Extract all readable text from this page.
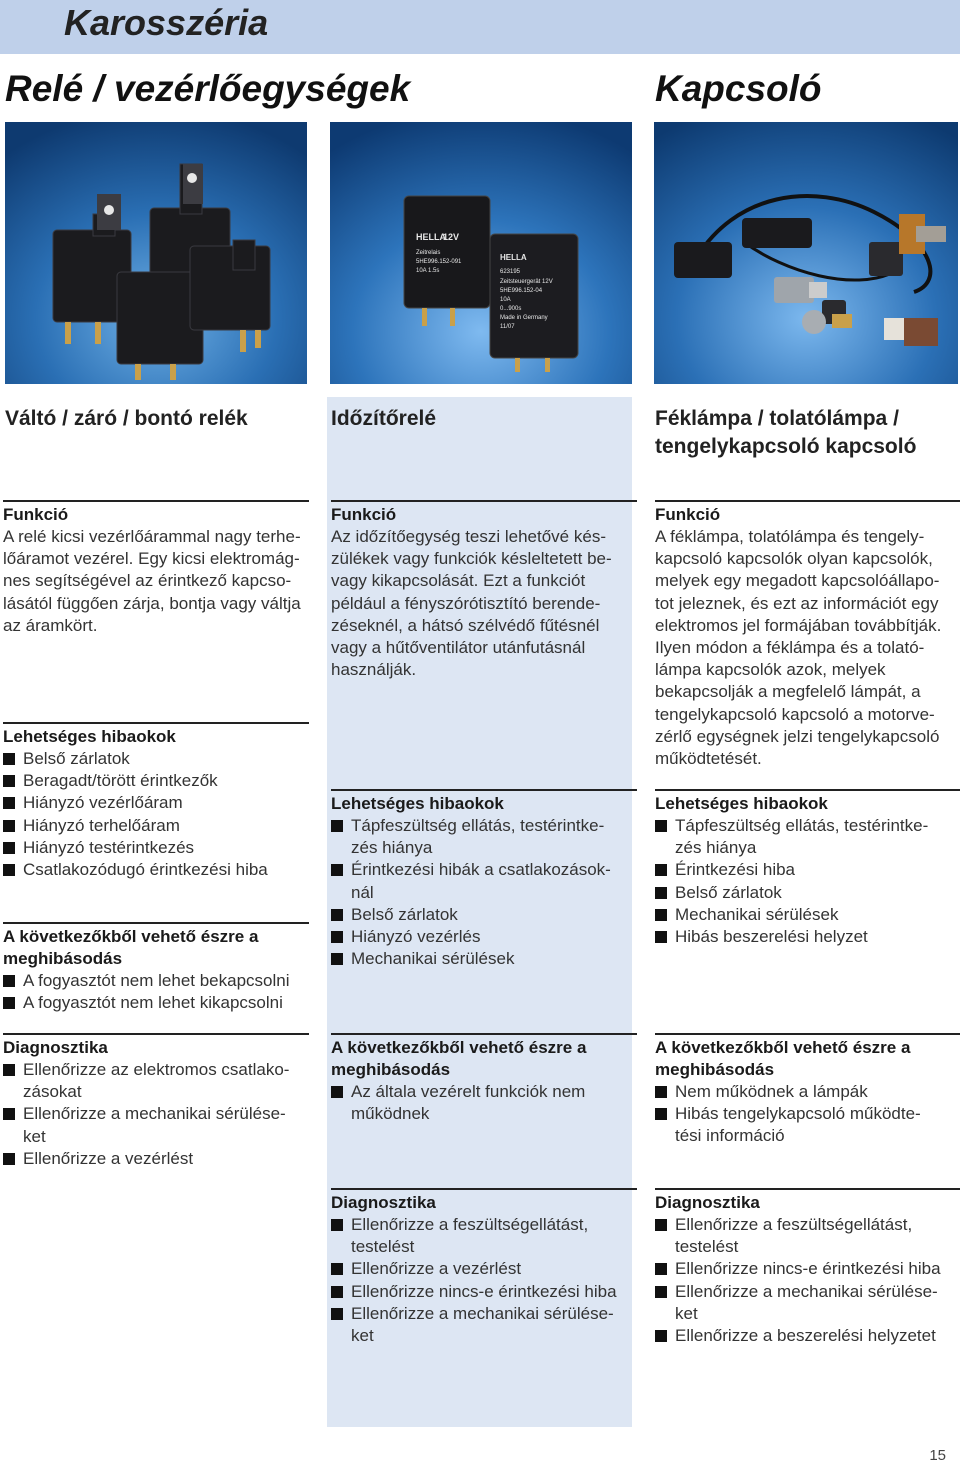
Karosszéria
Relé / vezérlőegységek	Kapcsoló
HELLA
12V
Zeitrelais
5HE996.152-091
10A 1.5s
HELLA
623195
Zeitsteuergerät 12V
5HE996.152-04
10A
0...900s
Made in Germany
11/07
Váltó / záró / bontó relék	Időzítőrelé	Féklámpa / tolatólámpa /
tengelykapcsoló kapcsoló
Funkció

A relé kicsi vezérlőárammal nagy terhe-
lőáramot vezérel. Egy kicsi elektromág-
nes segítségével az érintkező kapcso-
lásától függően zárja, bontja vagy váltja
az áramkört.

Lehetséges hibaokok
Belső zárlatok
Beragadt/törött érintkezők
Hiányzó vezérlőáram
Hiányzó terhelőáram
Hiányzó testérintkezés
Csatlakozódugó érintkezési hiba
A következőkből vehető észre a
meghibásodás
A fogyasztót nem lehet bekapcsolni
A fogyasztót nem lehet kikapcsolni
Diagnosztika
Ellenőrizze az elektromos csatlako-
zásokat
Ellenőrizze a mechanikai sérülése-
ket
Ellenőrizze a vezérlést
Funkció

Az időzítőegység teszi lehetővé kés-
zülékek vagy funkciók késleltetett be-
vagy kikapcsolását. Ezt a funkciót
például a fényszórótisztító berende-
zéseknél, a hátsó szélvédő fűtésnél
vagy a hűtőventilátor utánfutásnál
használják.

Lehetséges hibaokok
Tápfeszültség ellátás, testérintke-
zés hiánya
Érintkezési hibák a csatlakozások-
nál
Belső zárlatok
Hiányzó vezérlés
Mechanikai sérülések
A következőkből vehető észre a
meghibásodás
Az általa vezérelt funkciók nem
működnek
Diagnosztika
Ellenőrizze a feszültségellátást,
testelést
Ellenőrizze a vezérlést
Ellenőrizze nincs-e érintkezési hiba
Ellenőrizze a mechanikai sérülése-
ket
Funkció

A féklámpa, tolatólámpa és tengely-
kapcsoló kapcsolók olyan kapcsolók,
melyek egy megadott kapcsolóállapo-
tot jeleznek, és ezt az információt egy
elektromos jel formájában továbbítják.
Ilyen módon a féklámpa és a tolató-
lámpa kapcsolók azok, melyek
bekapcsolják a megfelelő lámpát, a
tengelykapcsoló kapcsoló a motorve-
zérlő egységnek jelzi tengelykapcsoló
működtetését.

Lehetséges hibaokok
Tápfeszültség ellátás, testérintke-
zés hiánya
Érintkezési hiba
Belső zárlatok
Mechanikai sérülések
Hibás beszerelési helyzet
A következőkből vehető észre a
meghibásodás
Nem működnek a lámpák
Hibás tengelykapcsoló működte-
tési információ
Diagnosztika
Ellenőrizze a feszültségellátást,
testelést
Ellenőrizze nincs-e érintkezési hiba
Ellenőrizze a mechanikai sérülése-
ket
Ellenőrizze a beszerelési helyzetet
15
